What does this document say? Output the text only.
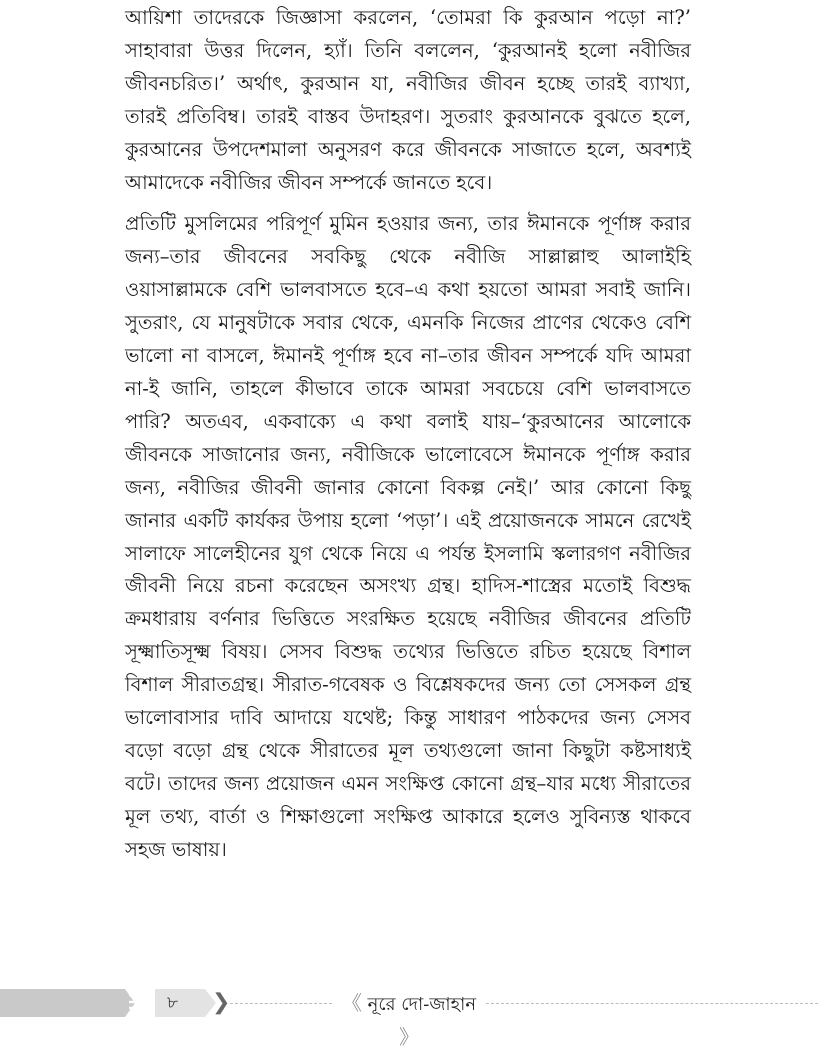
আয়িশা তাদেরকে জিজ্ঞাসা করলেন, ‘তোমরা কি কুরআন পড়ো না?’ সাহাবারা উত্তর দিলেন, হ্যাঁ। তিনি বললেন, ‘কুরআনই হলো নবীজির জীবনচরিত।’ অর্থাৎ, কুরআন যা, নবীজির জীবন হচ্ছে তারই ব্যাখ্যা, তারই প্রতিবিম্ব। তারই বাস্তব উদাহরণ। সুতরাং কুরআনকে বুঝতে হলে, কুরআনের উপদেশমালা অনুসরণ করে জীবনকে সাজাতে হলে, অবশ্যই আমাদেকে নবীজির জীবন সম্পর্কে জানতে হবে।

প্রতিটি মুসলিমের পরিপূর্ণ মুমিন হওয়ার জন্য, তার ঈমানকে পূর্ণাঙ্গ করার জন্য–তার জীবনের সবকিছু থেকে নবীজি সাল্লাল্লাহু আলাইহি ওয়াসাল্লামকে বেশি ভালবাসতে হবে–এ কথা হয়তো আমরা সবাই জানি। সুতরাং, যে মানুষটাকে সবার থেকে, এমনকি নিজের প্রাণের থেকেও বেশি ভালো না বাসলে, ঈমানই পূর্ণাঙ্গ হবে না–তার জীবন সম্পর্কে যদি আমরা না-ই জানি, তাহলে কীভাবে তাকে আমরা সবচেয়ে বেশি ভালবাসতে পারি? অতএব, একবাক্যে এ কথা বলাই যায়–‘কুরআনের আলোকে জীবনকে সাজানোর জন্য, নবীজিকে ভালোবেসে ঈমানকে পূর্ণাঙ্গ করার জন্য, নবীজির জীবনী জানার কোনো বিকল্প নেই।’ আর কোনো কিছু জানার একটি কার্যকর উপায় হলো ‘পড়া’। এই প্রয়োজনকে সামনে রেখেই সালাফে সালেহীনের যুগ থেকে নিয়ে এ পর্যন্ত ইসলামি স্কলারগণ নবীজির জীবনী নিয়ে রচনা করেছেন অসংখ্য গ্রন্থ। হাদিস-শাস্ত্রের মতোই বিশুদ্ধ ক্রমধারায় বর্ণনার ভিত্তিতে সংরক্ষিত হয়েছে নবীজির জীবনের প্রতিটি সূক্ষ্মাতিসূক্ষ্ম বিষয়। সেসব বিশুদ্ধ তথ্যের ভিত্তিতে রচিত হয়েছে বিশাল বিশাল সীরাতগ্রন্থ। সীরাত-গবেষক ও বিশ্লেষকদের জন্য তো সেসকল গ্রন্থ ভালোবাসার দাবি আদায়ে যথেষ্ট; কিন্তু সাধারণ পাঠকদের জন্য সেসব বড়ো বড়ো গ্রন্থ থেকে সীরাতের মূল তথ্যগুলো জানা কিছুটা কষ্টসাধ্যই বটে। তাদের জন্য প্রয়োজন এমন সংক্ষিপ্ত কোনো গ্রন্থ–যার মধ্যে সীরাতের মূল তথ্য, বার্তা ও শিক্ষাগুলো সংক্ষিপ্ত আকারে হলেও সুবিন্যস্ত থাকবে সহজ ভাষায়।

৮	❯	《 নূরে দো-জাহান 》
